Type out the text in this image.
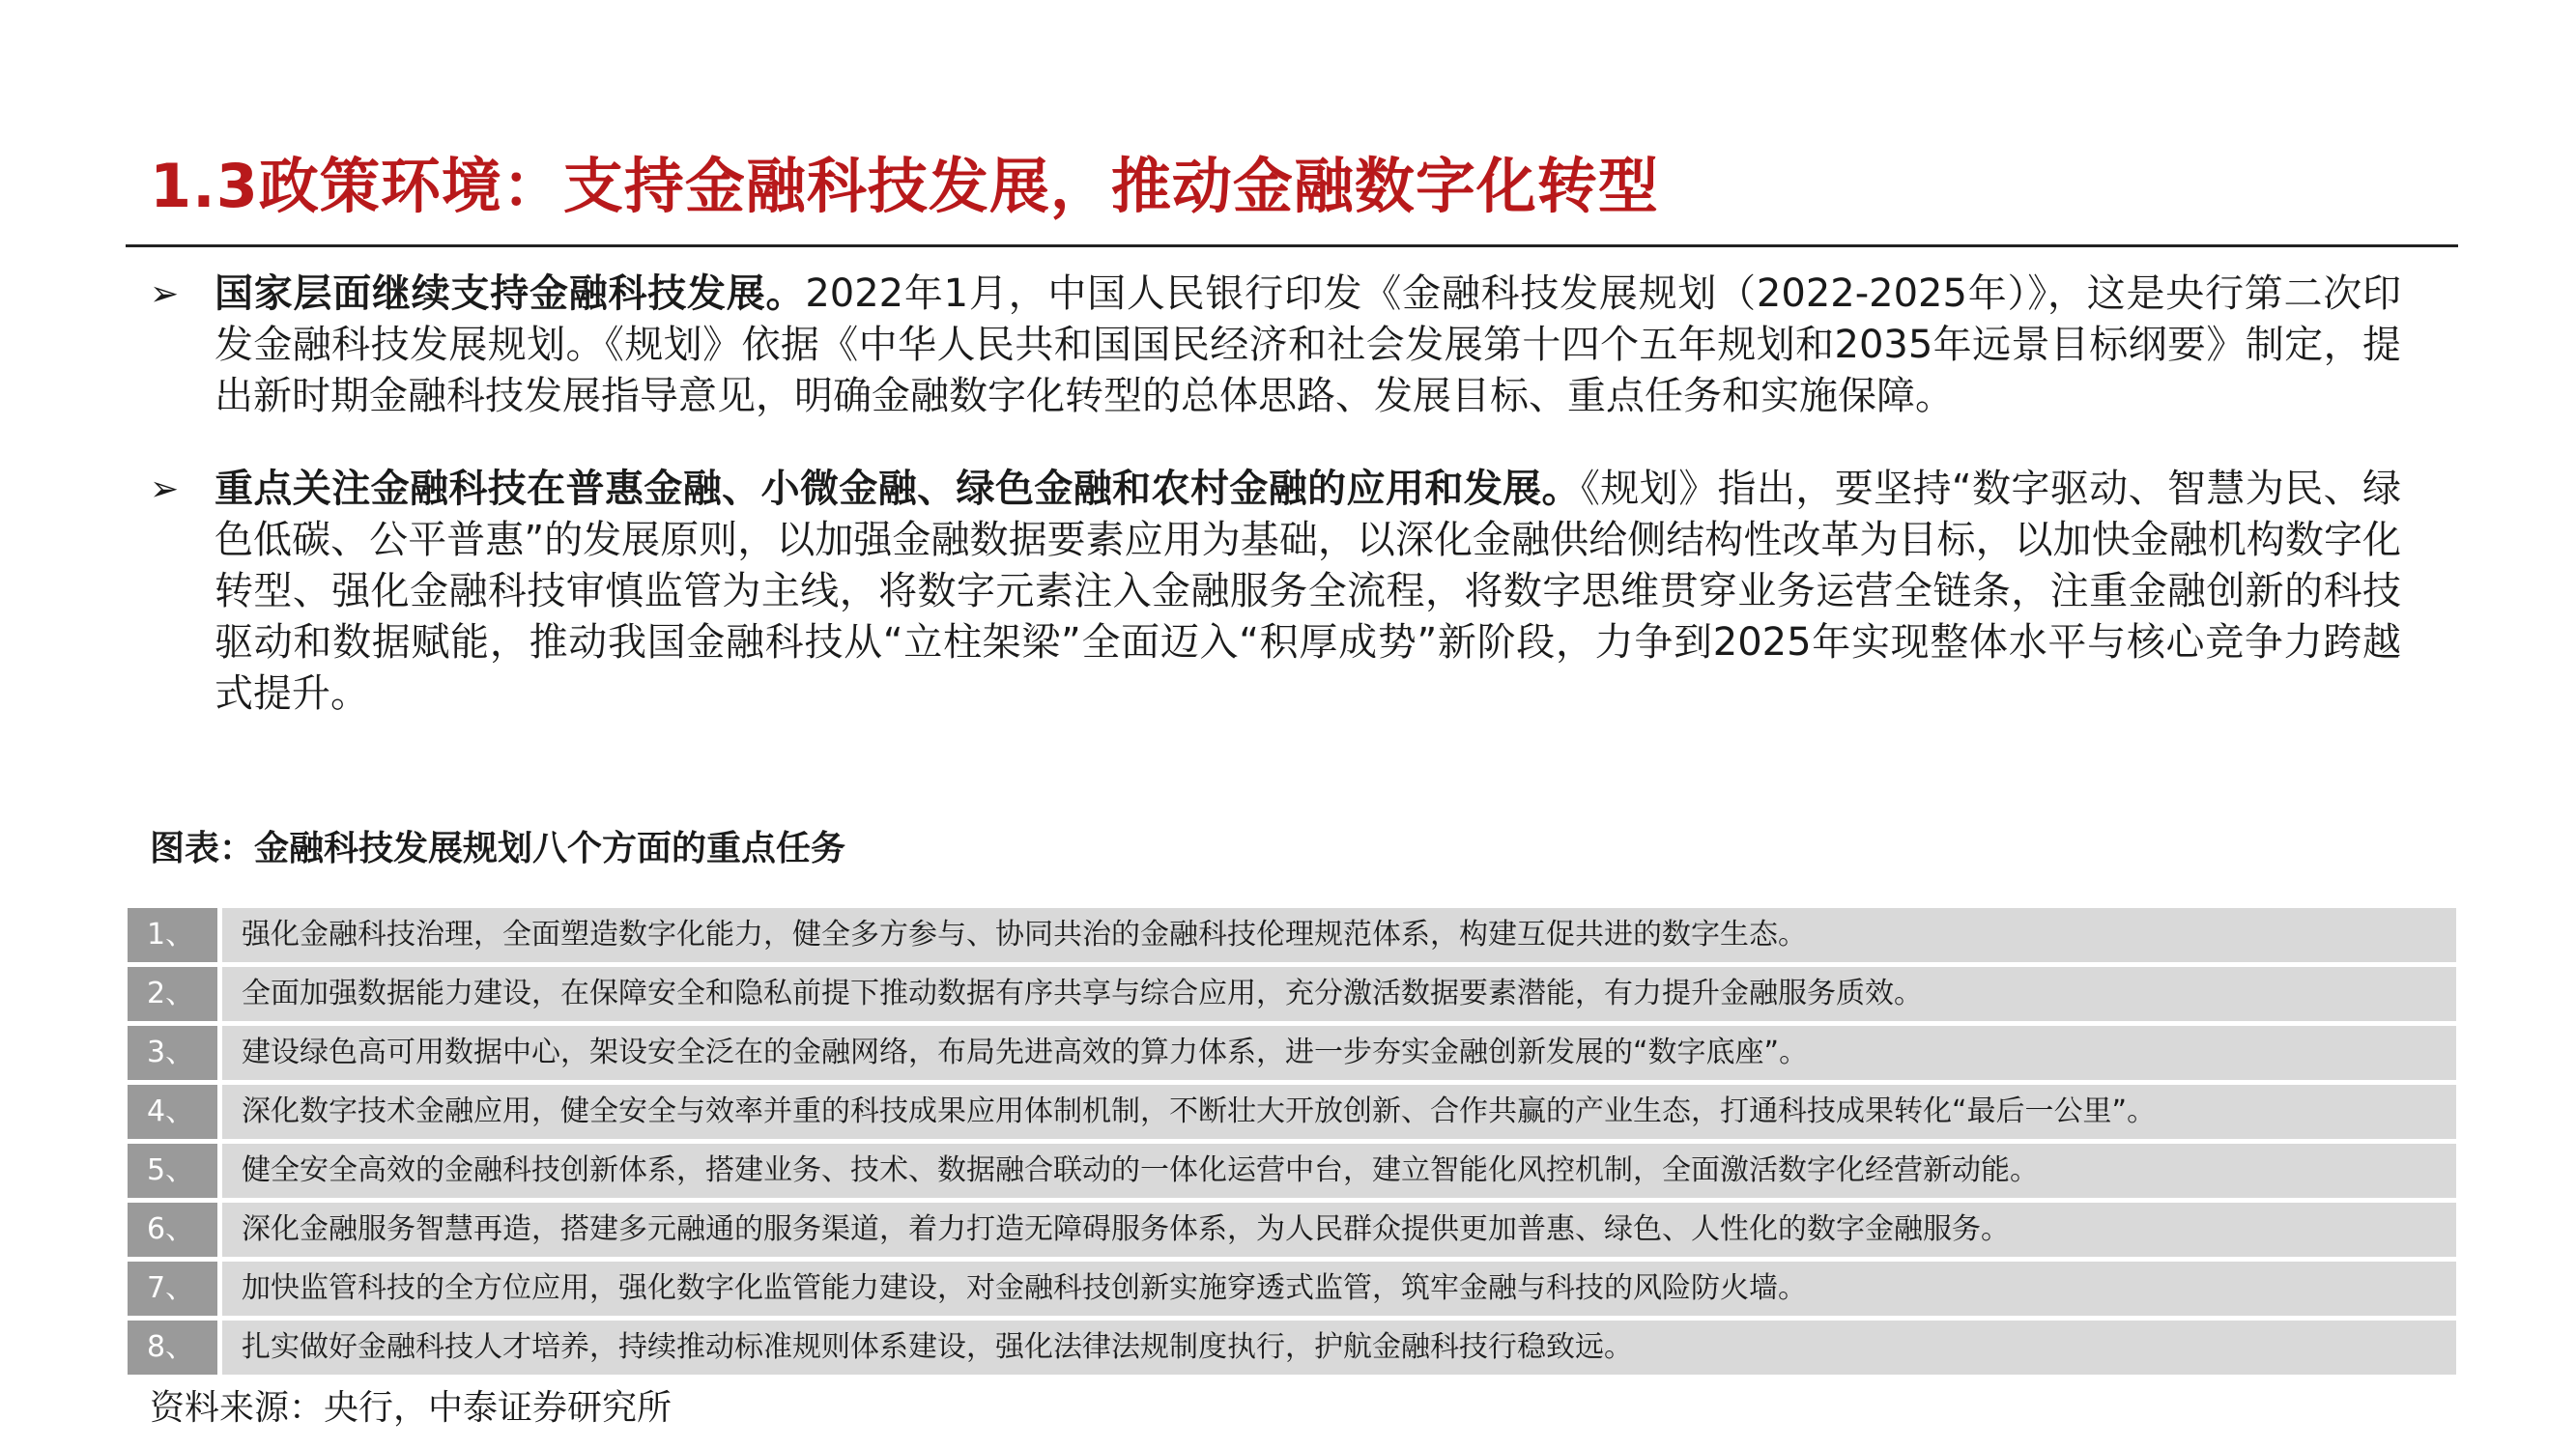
1.3政策环境：支持金融科技发展，推动金融数字化转型
➢ 国家层面继续支持金融科技发展。2022年1月，中国人民银行印发《金融科技发展规划（2022-2025年）》，这是央行第二次印发金融科技发展规划。《规划》依据《中华人民共和国国民经济和社会发展第十四个五年规划和2035年远景目标纲要》制定，提出新时期金融科技发展指导意见，明确金融数字化转型的总体思路、发展目标、重点任务和实施保障。
➢ 重点关注金融科技在普惠金融、小微金融、绿色金融和农村金融的应用和发展。《规划》指出，要坚持“数字驱动、智慧为民、绿色低碳、公平普惠”的发展原则，以加强金融数据要素应用为基础，以深化金融供给侧结构性改革为目标，以加快金融机构数字化转型、强化金融科技审慎监管为主线，将数字元素注入金融服务全流程，将数字思维贯穿业务运营全链条，注重金融创新的科技驱动和数据赋能，推动我国金融科技从“立柱架梁”全面迈入“积厚成势”新阶段，力争到2025年实现整体水平与核心竞争力跨越式提升。
图表：金融科技发展规划八个方面的重点任务
1、	强化金融科技治理，全面塑造数字化能力，健全多方参与、协同共治的金融科技伦理规范体系，构建互促共进的数字生态。
2、	全面加强数据能力建设，在保障安全和隐私前提下推动数据有序共享与综合应用，充分激活数据要素潜能，有力提升金融服务质效。
3、	建设绿色高可用数据中心，架设安全泛在的金融网络，布局先进高效的算力体系，进一步夯实金融创新发展的“数字底座”。
4、	深化数字技术金融应用，健全安全与效率并重的科技成果应用体制机制，不断壮大开放创新、合作共赢的产业生态，打通科技成果转化“最后一公里”。
5、	健全安全高效的金融科技创新体系，搭建业务、技术、数据融合联动的一体化运营中台，建立智能化风控机制，全面激活数字化经营新动能。
6、	深化金融服务智慧再造，搭建多元融通的服务渠道，着力打造无障碍服务体系，为人民群众提供更加普惠、绿色、人性化的数字金融服务。
7、	加快监管科技的全方位应用，强化数字化监管能力建设，对金融科技创新实施穿透式监管，筑牢金融与科技的风险防火墙。
8、	扎实做好金融科技人才培养，持续推动标准规则体系建设，强化法律法规制度执行，护航金融科技行稳致远。
资料来源：央行，中泰证券研究所
